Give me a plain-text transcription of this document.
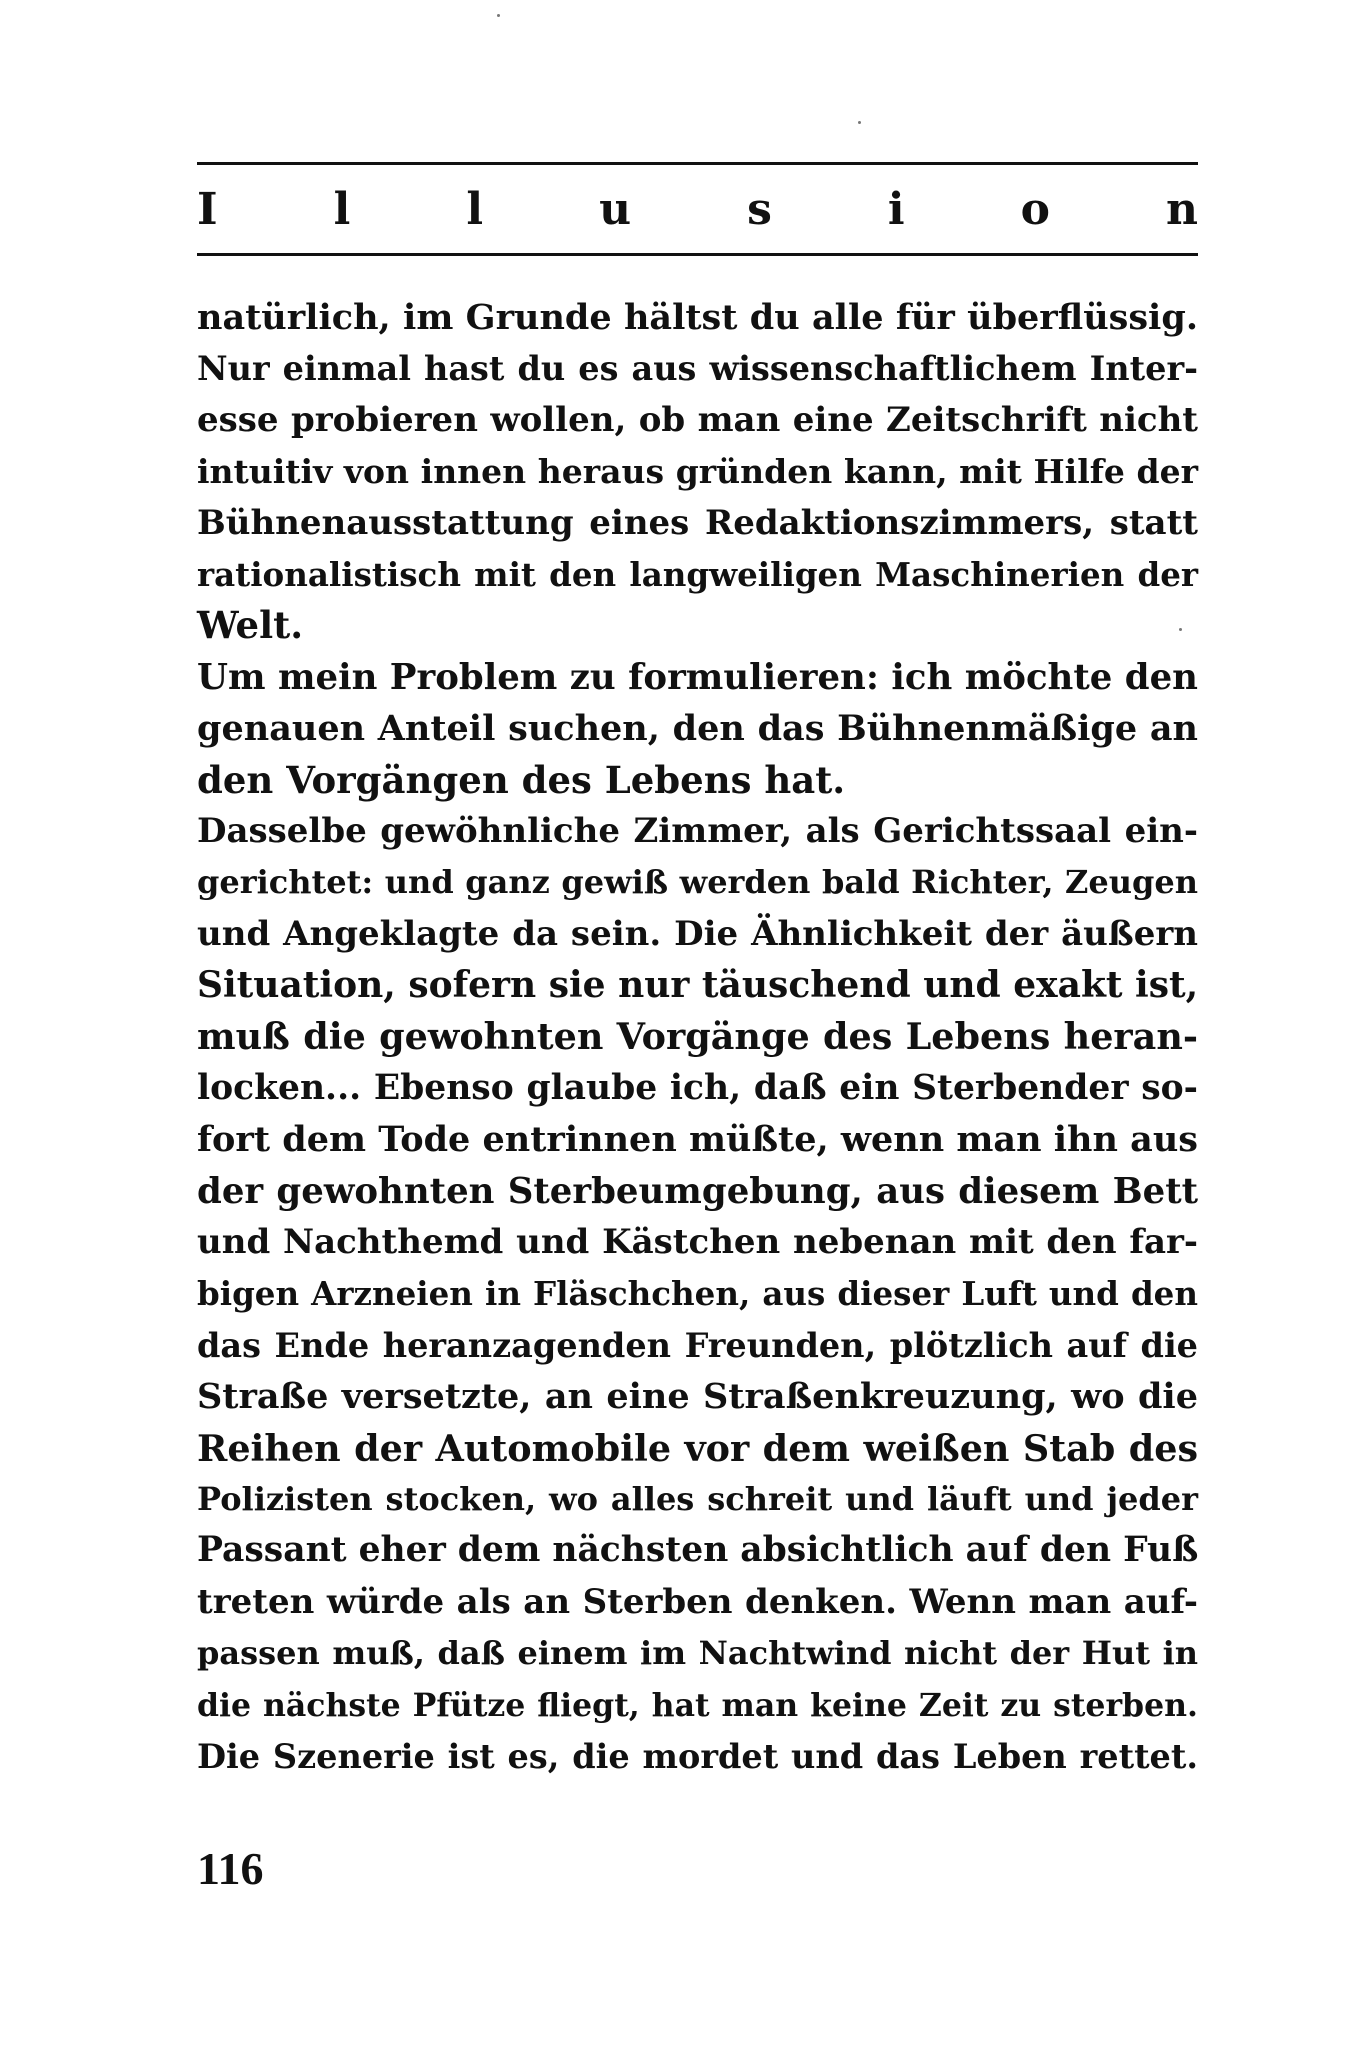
I	l	l	u	s	i	o	n
natürlich, im Grunde hältst du alle für überflüssig.
Nur einmal hast du es aus wissenschaftlichem Inter-
esse probieren wollen, ob man eine Zeitschrift nicht
intuitiv von innen heraus gründen kann, mit Hilfe der
Bühnenausstattung eines Redaktionszimmers, statt
rationalistisch mit den langweiligen Maschinerien der
Welt.
Um mein Problem zu formulieren: ich möchte den
genauen Anteil suchen, den das Bühnenmäßige an
den Vorgängen des Lebens hat.
Dasselbe gewöhnliche Zimmer, als Gerichtssaal ein-
gerichtet: und ganz gewiß werden bald Richter, Zeugen
und Angeklagte da sein. Die Ähnlichkeit der äußern
Situation, sofern sie nur täuschend und exakt ist,
muß die gewohnten Vorgänge des Lebens heran-
locken... Ebenso glaube ich, daß ein Sterbender so-
fort dem Tode entrinnen müßte, wenn man ihn aus
der gewohnten Sterbeumgebung, aus diesem Bett
und Nachthemd und Kästchen nebenan mit den far-
bigen Arzneien in Fläschchen, aus dieser Luft und den
das Ende heranzagenden Freunden, plötzlich auf die
Straße versetzte, an eine Straßenkreuzung, wo die
Reihen der Automobile vor dem weißen Stab des
Polizisten stocken, wo alles schreit und läuft und jeder
Passant eher dem nächsten absichtlich auf den Fuß
treten würde als an Sterben denken. Wenn man auf-
passen muß, daß einem im Nachtwind nicht der Hut in
die nächste Pfütze fliegt, hat man keine Zeit zu sterben.
Die Szenerie ist es, die mordet und das Leben rettet.
116
